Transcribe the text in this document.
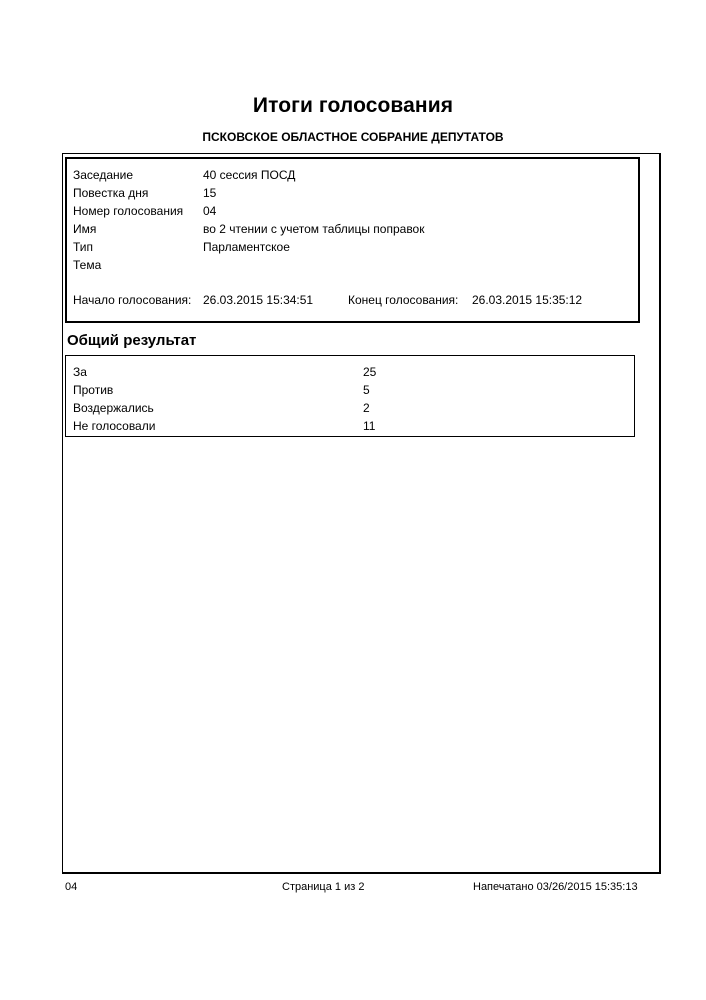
Итоги голосования
ПСКОВСКОЕ ОБЛАСТНОЕ СОБРАНИЕ ДЕПУТАТОВ
Заседание	40 сессия ПОСД
Повестка дня	15
Номер голосования 04
Имя	во 2 чтении с учетом таблицы поправок
Тип	Парламентское
Тема
Начало голосования: 26.03.2015 15:34:51	Конец голосования: 26.03.2015 15:35:12
Общий результат
За	25
Против	5
Воздержались	2
Не голосовали	11
04	Страница 1 из 2	Напечатано 03/26/2015 15:35:13
